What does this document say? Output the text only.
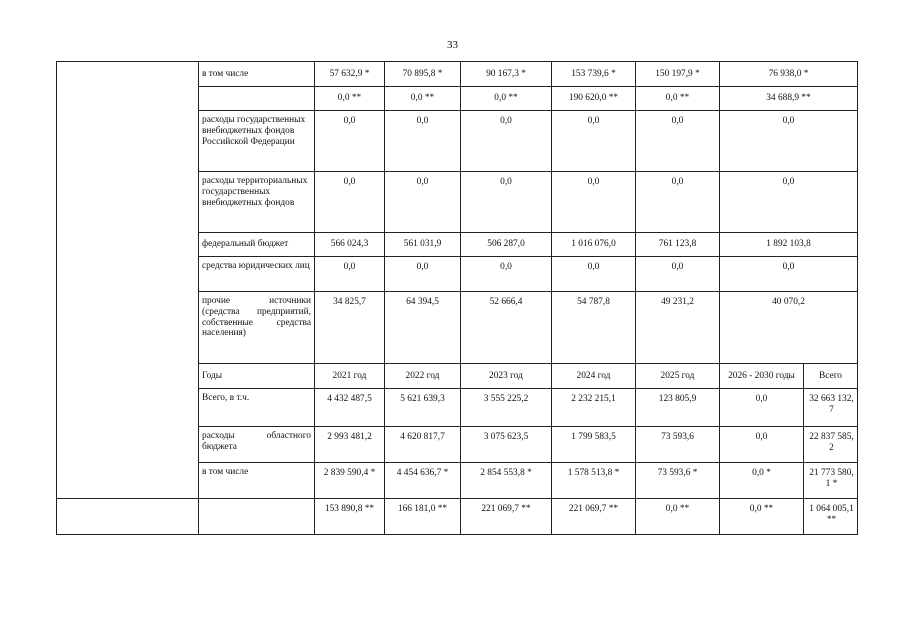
33
	в том числе	57 632,9 *	70 895,8 *	90 167,3 *	153 739,6 *	150 197,9 *	76 938,0 *	
		0,0 **	0,0 **	0,0 **	190 620,0 **	0,0 **	34 688,9 **	
	расходы государственных внебюджетных фондов Российской Федерации	0,0	0,0	0,0	0,0	0,0	0,0	
	расходы территориальных государственных внебюджетных фондов	0,0	0,0	0,0	0,0	0,0	0,0	
	федеральный бюджет	566 024,3	561 031,9	506 287,0	1 016 076,0	761 123,8	1 892 103,8	
	средства юридических лиц	0,0	0,0	0,0	0,0	0,0	0,0	
	прочие источники (средства предприятий, собственные средства населения)	34 825,7	64 394,5	52 666,4	54 787,8	49 231,2	40 070,2	
	Годы	2021 год	2022 год	2023 год	2024 год	2025 год	2026 - 2030 годы	Всего
	Всего, в т.ч.	4 432 487,5	5 621 639,3	3 555 225,2	2 232 215,1	123 805,9	0,0	32 663 132,7
	расходы областного бюджета	2 993 481,2	4 620 817,7	3 075 623,5	1 799 583,5	73 593,6	0,0	22 837 585,2
	в том числе	2 839 590,4 *	4 454 636,7 *	2 854 553,8 *	1 578 513,8 *	73 593,6 *	0,0 *	21 773 580,1 *
		153 890,8 **	166 181,0 **	221 069,7 **	221 069,7 **	0,0 **	0,0 **	1 064 005,1 **
